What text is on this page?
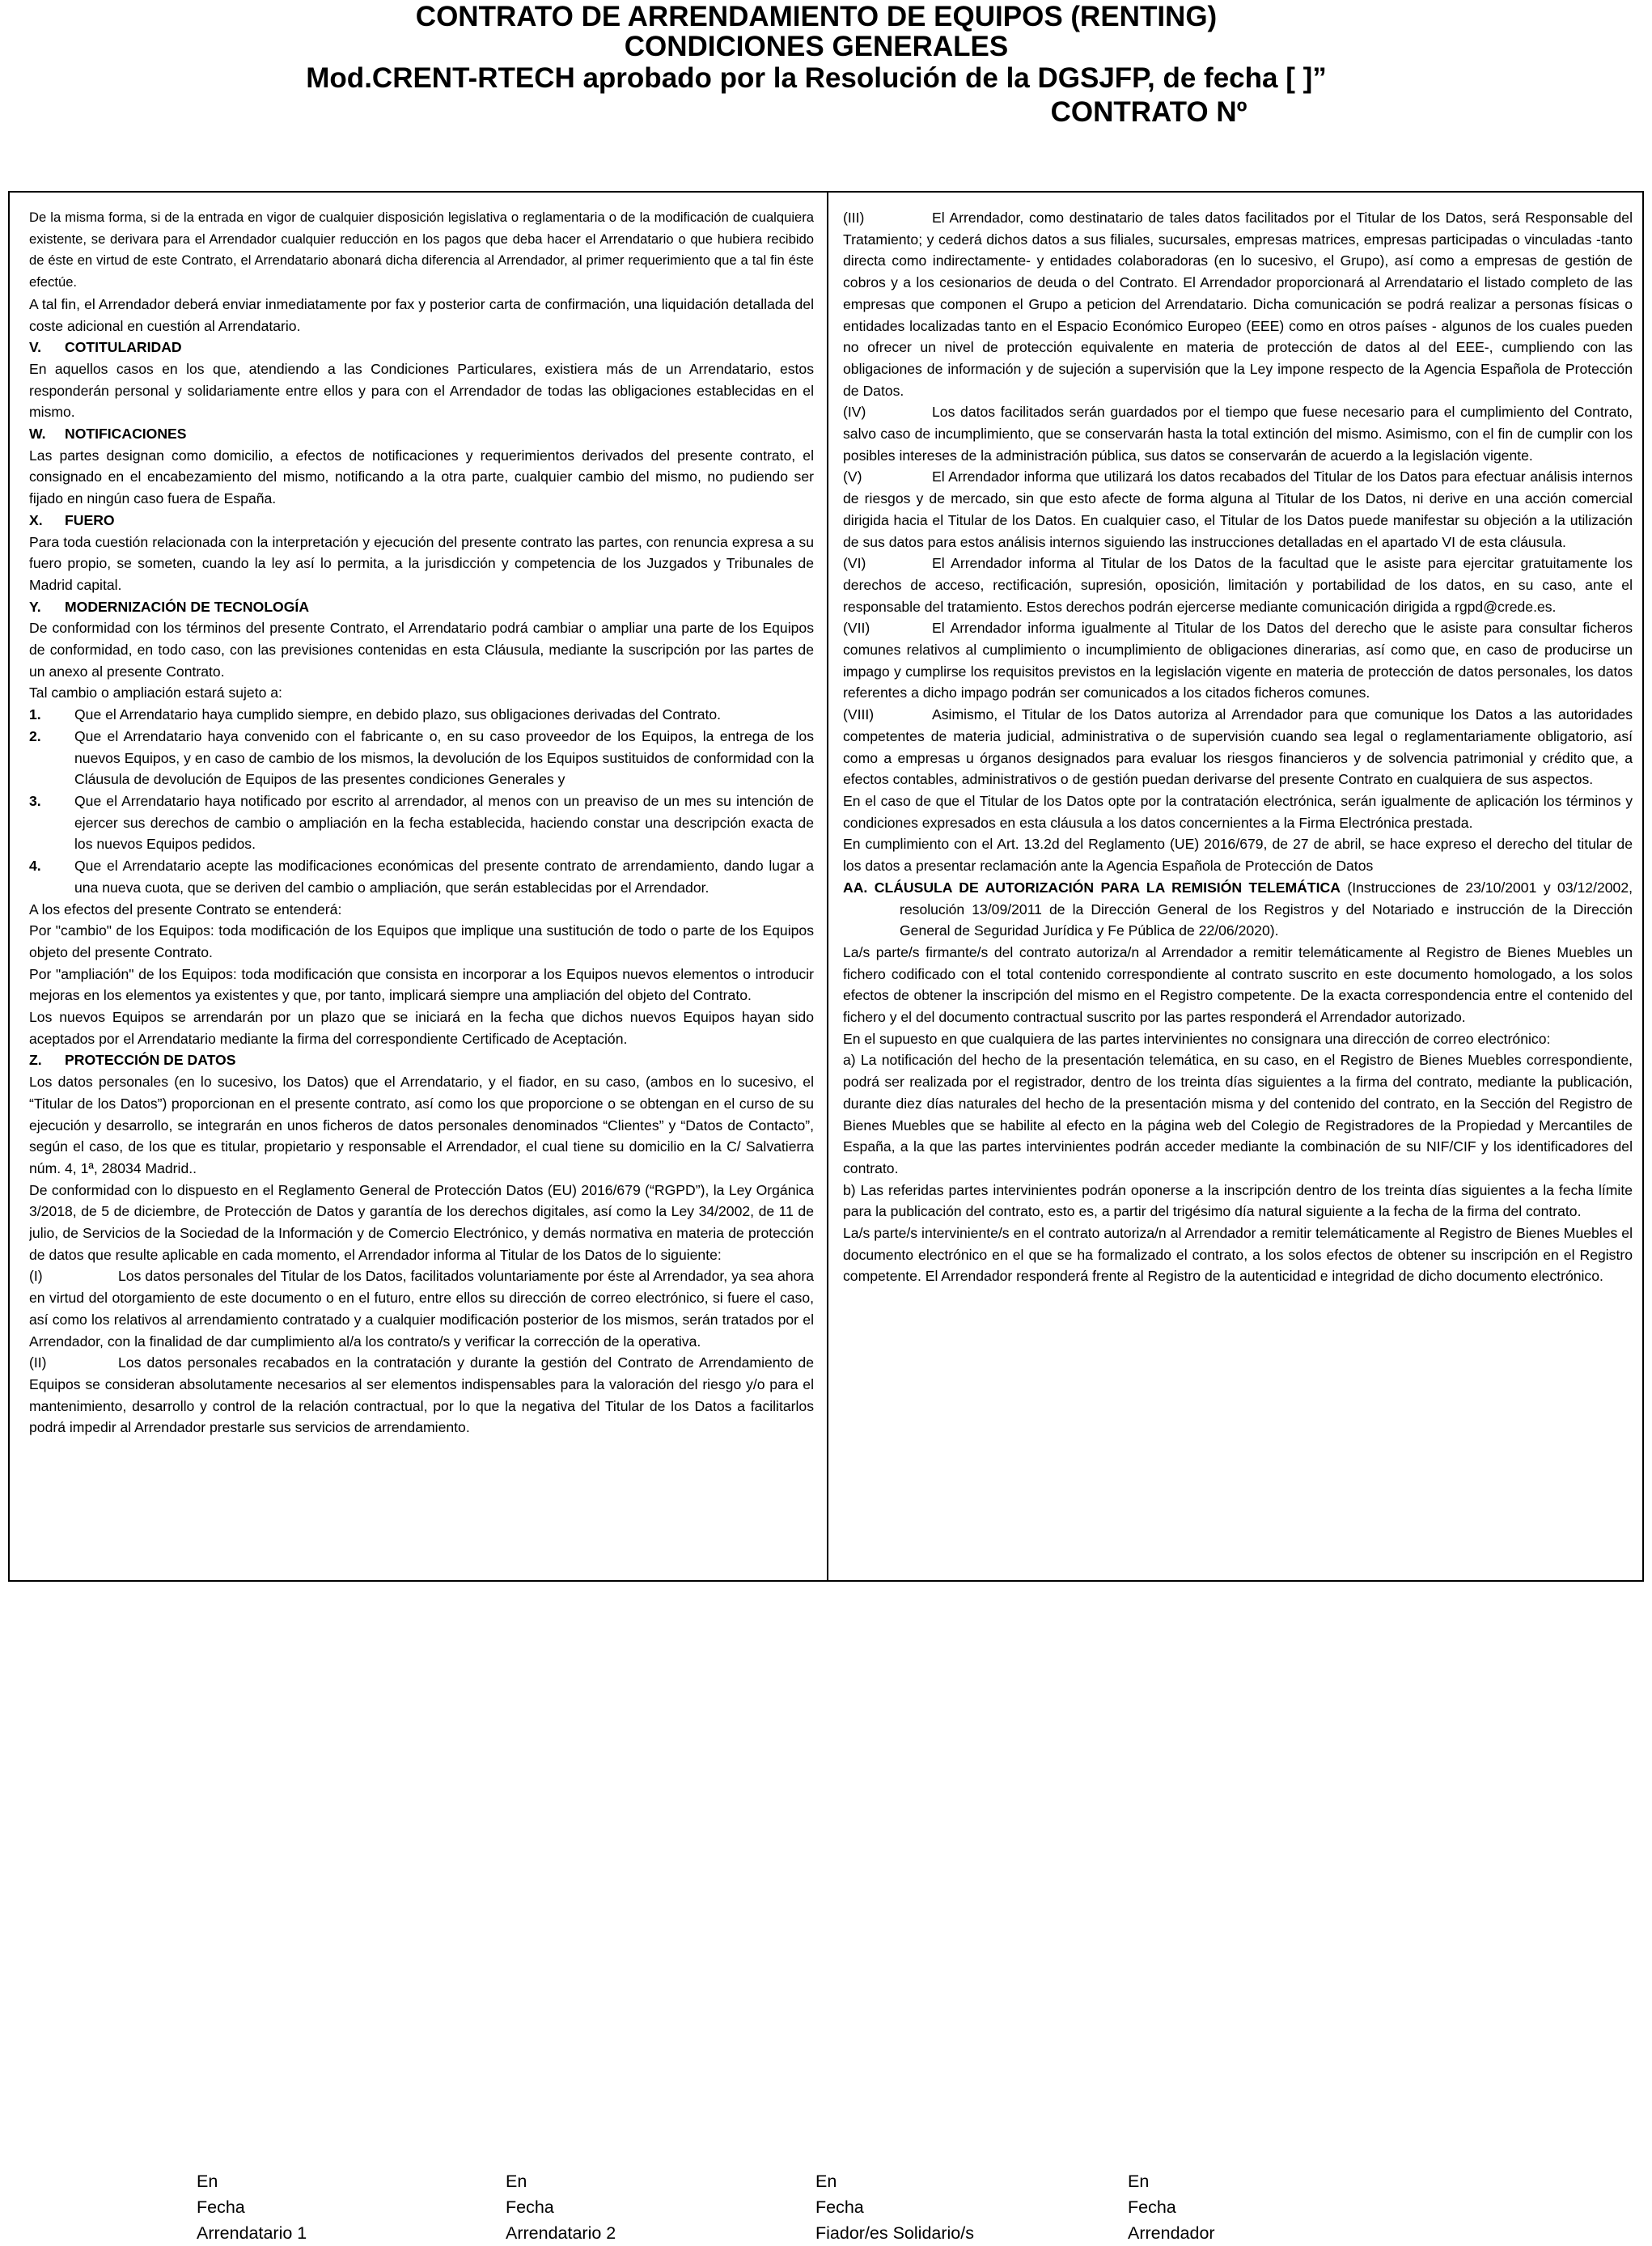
CONTRATO DE ARRENDAMIENTO DE EQUIPOS (RENTING)
CONDICIONES GENERALES
Mod.CRENT-RTECH aprobado por la Resolución de la DGSJFP, de fecha [ ]”
CONTRATO Nº

De la misma forma, si de la entrada en vigor de cualquier disposición legislativa o reglamentaria o de la modificación de cualquiera existente, se derivara para el Arrendador cualquier reducción en los pagos que deba hacer el Arrendatario o que hubiera recibido de éste en virtud de este Contrato, el Arrendatario abonará dicha diferencia al Arrendador, al primer requerimiento que a tal fin éste efectúe.

A tal fin, el Arrendador deberá enviar inmediatamente por fax y posterior carta de confirmación, una liquidación detallada del coste adicional en cuestión al Arrendatario.

V. COTITULARIDAD

En aquellos casos en los que, atendiendo a las Condiciones Particulares, existiera más de un Arrendatario, estos responderán personal y solidariamente entre ellos y para con el Arrendador de todas las obligaciones establecidas en el mismo.

W. NOTIFICACIONES

Las partes designan como domicilio, a efectos de notificaciones y requerimientos derivados del presente contrato, el consignado en el encabezamiento del mismo, notificando a la otra parte, cualquier cambio del mismo, no pudiendo ser fijado en ningún caso fuera de España.

X. FUERO

Para toda cuestión relacionada con la interpretación y ejecución del presente contrato las partes, con renuncia expresa a su fuero propio, se someten, cuando la ley así lo permita, a la jurisdicción y competencia de los Juzgados y Tribunales de Madrid capital.

Y. MODERNIZACIÓN DE TECNOLOGÍA

De conformidad con los términos del presente Contrato, el Arrendatario podrá cambiar o ampliar una parte de los Equipos de conformidad, en todo caso, con las previsiones contenidas en esta Cláusula, mediante la suscripción por las partes de un anexo al presente Contrato.

Tal cambio o ampliación estará sujeto a:

1. Que el Arrendatario haya cumplido siempre, en debido plazo, sus obligaciones derivadas del Contrato.
2. Que el Arrendatario haya convenido con el fabricante o, en su caso proveedor de los Equipos, la entrega de los nuevos Equipos, y en caso de cambio de los mismos, la devolución de los Equipos sustituidos de conformidad con la Cláusula de devolución de Equipos de las presentes condiciones Generales y
3. Que el Arrendatario haya notificado por escrito al arrendador, al menos con un preaviso de un mes su intención de ejercer sus derechos de cambio o ampliación en la fecha establecida, haciendo constar una descripción exacta de los nuevos Equipos pedidos.
4. Que el Arrendatario acepte las modificaciones económicas del presente contrato de arrendamiento, dando lugar a una nueva cuota, que se deriven del cambio o ampliación, que serán establecidas por el Arrendador.

A los efectos del presente Contrato se entenderá:

Por "cambio" de los Equipos: toda modificación de los Equipos que implique una sustitución de todo o parte de los Equipos objeto del presente Contrato.

Por "ampliación" de los Equipos: toda modificación que consista en incorporar a los Equipos nuevos elementos o introducir mejoras en los elementos ya existentes y que, por tanto, implicará siempre una ampliación del objeto del Contrato.

Los nuevos Equipos se arrendarán por un plazo que se iniciará en la fecha que dichos nuevos Equipos hayan sido aceptados por el Arrendatario mediante la firma del correspondiente Certificado de Aceptación.

Z. PROTECCIÓN DE DATOS

Los datos personales (en lo sucesivo, los Datos) que el Arrendatario, y el fiador, en su caso, (ambos en lo sucesivo, el “Titular de los Datos”) proporcionan en el presente contrato, así como los que proporcione o se obtengan en el curso de su ejecución y desarrollo, se integrarán en unos ficheros de datos personales denominados “Clientes” y “Datos de Contacto”, según el caso, de los que es titular, propietario y responsable el Arrendador, el cual tiene su domicilio en la C/ Salvatierra núm. 4, 1ª, 28034 Madrid..

De conformidad con lo dispuesto en el Reglamento General de Protección Datos (EU) 2016/679 (“RGPD”), la Ley Orgánica 3/2018, de 5 de diciembre, de Protección de Datos y garantía de los derechos digitales, así como la Ley 34/2002, de 11 de julio, de Servicios de la Sociedad de la Información y de Comercio Electrónico, y demás normativa en materia de protección de datos que resulte aplicable en cada momento, el Arrendador informa al Titular de los Datos de lo siguiente:

(I)	Los datos personales del Titular de los Datos, facilitados voluntariamente por éste al Arrendador, ya sea ahora en virtud del otorgamiento de este documento o en el futuro, entre ellos su dirección de correo electrónico, si fuere el caso, así como los relativos al arrendamiento contratado y a cualquier modificación posterior de los mismos, serán tratados por el Arrendador, con la finalidad de dar cumplimiento al/a los contrato/s y verificar la corrección de la operativa.

(II)	Los datos personales recabados en la contratación y durante la gestión del Contrato de Arrendamiento de Equipos se consideran absolutamente necesarios al ser elementos indispensables para la valoración del riesgo y/o para el mantenimiento, desarrollo y control de la relación contractual, por lo que la negativa del Titular de los Datos a facilitarlos podrá impedir al Arrendador prestarle sus servicios de arrendamiento.

(III)	El Arrendador, como destinatario de tales datos facilitados por el Titular de los Datos, será Responsable del Tratamiento; y cederá dichos datos a sus filiales, sucursales, empresas matrices, empresas participadas o vinculadas -tanto directa como indirectamente- y entidades colaboradoras (en lo sucesivo, el Grupo), así como a empresas de gestión de cobros y a los cesionarios de deuda o del Contrato. El Arrendador proporcionará al Arrendatario el listado completo de las empresas que componen el Grupo a peticion del Arrendatario. Dicha comunicación se podrá realizar a personas físicas o entidades localizadas tanto en el Espacio Económico Europeo (EEE) como en otros países - algunos de los cuales pueden no ofrecer un nivel de protección equivalente en materia de protección de datos al del EEE-, cumpliendo con las obligaciones de información y de sujeción a supervisión que la Ley impone respecto de la Agencia Española de Protección de Datos.

(IV)	Los datos facilitados serán guardados por el tiempo que fuese necesario para el cumplimiento del Contrato, salvo caso de incumplimiento, que se conservarán hasta la total extinción del mismo. Asimismo, con el fin de cumplir con los posibles intereses de la administración pública, sus datos se conservarán de acuerdo a la legislación vigente.

(V)	El Arrendador informa que utilizará los datos recabados del Titular de los Datos para efectuar análisis internos de riesgos y de mercado, sin que esto afecte de forma alguna al Titular de los Datos, ni derive en una acción comercial dirigida hacia el Titular de los Datos. En cualquier caso, el Titular de los Datos puede manifestar su objeción a la utilización de sus datos para estos análisis internos siguiendo las instrucciones detalladas en el apartado VI de esta cláusula.

(VI)	El Arrendador informa al Titular de los Datos de la facultad que le asiste para ejercitar gratuitamente los derechos de acceso, rectificación, supresión, oposición, limitación y portabilidad de los datos, en su caso, ante el responsable del tratamiento. Estos derechos podrán ejercerse mediante comunicación dirigida a rgpd@crede.es.

(VII)	El Arrendador informa igualmente al Titular de los Datos del derecho que le asiste para consultar ficheros comunes relativos al cumplimiento o incumplimiento de obligaciones dinerarias, así como que, en caso de producirse un impago y cumplirse los requisitos previstos en la legislación vigente en materia de protección de datos personales, los datos referentes a dicho impago podrán ser comunicados a los citados ficheros comunes.

(VIII)	Asimismo, el Titular de los Datos autoriza al Arrendador para que comunique los Datos a las autoridades competentes de materia judicial, administrativa o de supervisión cuando sea legal o reglamentariamente obligatorio, así como a empresas u órganos designados para evaluar los riesgos financieros y de solvencia patrimonial y crédito que, a efectos contables, administrativos o de gestión puedan derivarse del presente Contrato en cualquiera de sus aspectos.

En el caso de que el Titular de los Datos opte por la contratación electrónica, serán igualmente de aplicación los términos y condiciones expresados en esta cláusula a los datos concernientes a la Firma Electrónica prestada.

En cumplimiento con el Art. 13.2d del Reglamento (UE) 2016/679, de 27 de abril, se hace expreso el derecho del titular de los datos a presentar reclamación ante la Agencia Española de Protección de Datos

AA. CLÁUSULA DE AUTORIZACIÓN PARA LA REMISIÓN TELEMÁTICA (Instrucciones de 23/10/2001 y 03/12/2002, resolución 13/09/2011 de la Dirección General de los Registros y del Notariado e instrucción de la Dirección General de Seguridad Jurídica y Fe Pública de 22/06/2020).

La/s parte/s firmante/s del contrato autoriza/n al Arrendador a remitir telemáticamente al Registro de Bienes Muebles un fichero codificado con el total contenido correspondiente al contrato suscrito en este documento homologado, a los solos efectos de obtener la inscripción del mismo en el Registro competente. De la exacta correspondencia entre el contenido del fichero y el del documento contractual suscrito por las partes responderá el Arrendador autorizado.

En el supuesto en que cualquiera de las partes intervinientes no consignara una dirección de correo electrónico:

a) La notificación del hecho de la presentación telemática, en su caso, en el Registro de Bienes Muebles correspondiente, podrá ser realizada por el registrador, dentro de los treinta días siguientes a la firma del contrato, mediante la publicación, durante diez días naturales del hecho de la presentación misma y del contenido del contrato, en la Sección del Registro de Bienes Muebles que se habilite al efecto en la página web del Colegio de Registradores de la Propiedad y Mercantiles de España, a la que las partes intervinientes podrán acceder mediante la combinación de su NIF/CIF y los identificadores del contrato.

b) Las referidas partes intervinientes podrán oponerse a la inscripción dentro de los treinta días siguientes a la fecha límite para la publicación del contrato, esto es, a partir del trigésimo día natural siguiente a la fecha de la firma del contrato.

La/s parte/s interviniente/s en el contrato autoriza/n al Arrendador a remitir telemáticamente al Registro de Bienes Muebles el documento electrónico en el que se ha formalizado el contrato, a los solos efectos de obtener su inscripción en el Registro competente. El Arrendador responderá frente al Registro de la autenticidad e integridad de dicho documento electrónico.

En
Fecha
Arrendatario 1
En
Fecha
Arrendatario 2
En
Fecha
Fiador/es Solidario/s
En
Fecha
Arrendador
